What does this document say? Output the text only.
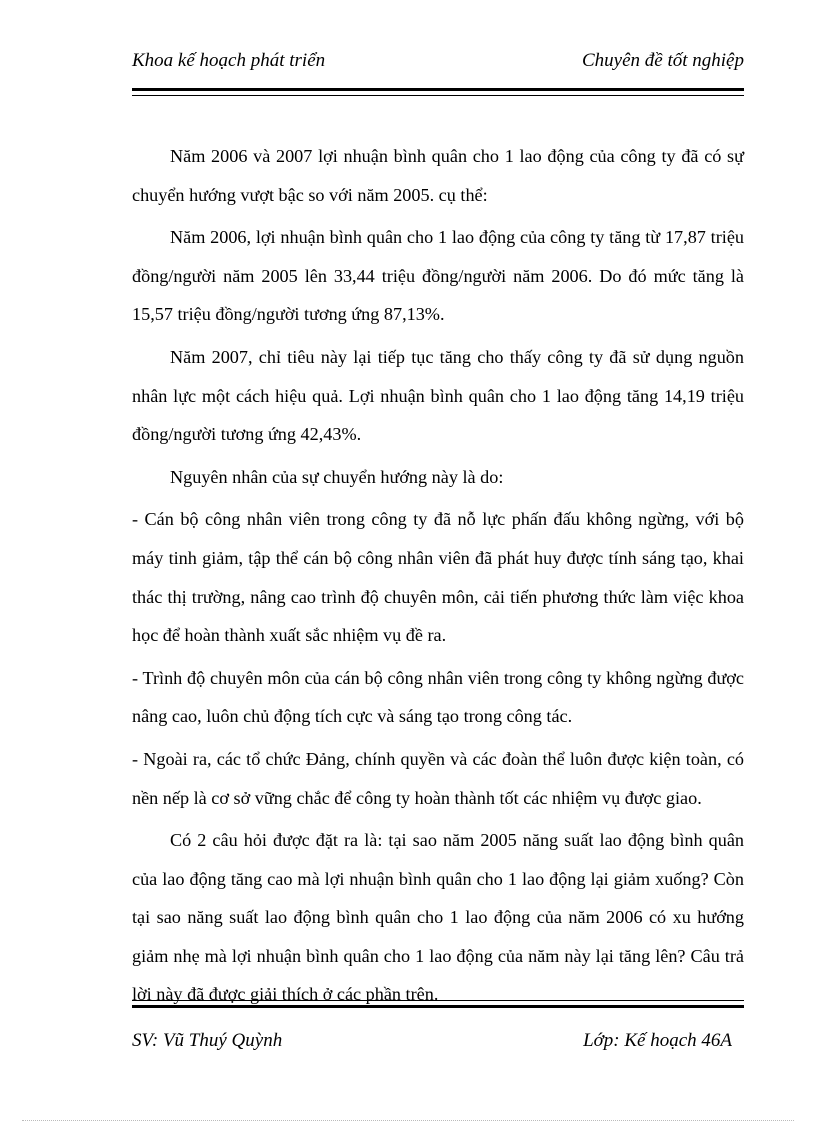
Khoa kế hoạch phát triển	Chuyên đề tốt nghiệp

Năm 2006 và 2007 lợi nhuận bình quân cho 1 lao động của công ty đã có sự chuyển hướng vượt bậc so với năm 2005. cụ thể:

Năm 2006, lợi nhuận bình quân cho 1 lao động của công ty tăng từ 17,87 triệu đồng/người năm 2005 lên 33,44 triệu đồng/người năm 2006. Do đó mức tăng là 15,57 triệu đồng/người tương ứng 87,13%.

Năm 2007, chỉ tiêu này lại tiếp tục tăng cho thấy công ty đã sử dụng nguồn nhân lực một cách hiệu quả. Lợi nhuận bình quân cho 1 lao động tăng 14,19 triệu đồng/người tương ứng 42,43%.

Nguyên nhân của sự chuyển hướng này là do:

- Cán bộ công nhân viên trong công ty đã nỗ lực phấn đấu không ngừng, với bộ máy tinh giảm, tập thể cán bộ công nhân viên đã phát huy được tính sáng tạo, khai thác thị trường, nâng cao trình độ chuyên môn, cải tiến phương thức làm việc khoa học để hoàn thành xuất sắc nhiệm vụ đề ra.

- Trình độ chuyên môn của cán bộ công nhân viên trong công ty không ngừng được nâng cao, luôn chủ động tích cực và sáng tạo trong công tác.

- Ngoài ra, các tổ chức Đảng, chính quyền và các đoàn thể luôn được kiện toàn, có nền nếp là cơ sở vững chắc để công ty hoàn thành tốt các nhiệm vụ được giao.

Có 2 câu hỏi được đặt ra là: tại sao năm 2005 năng suất lao động bình quân của lao động tăng cao mà lợi nhuận bình quân cho 1 lao động lại giảm xuống? Còn tại sao năng suất lao động bình quân cho 1 lao động của năm 2006 có xu hướng giảm nhẹ mà lợi nhuận bình quân cho 1 lao động của năm này lại tăng lên? Câu trả lời này đã được giải thích ở các phần trên.

SV: Vũ Thuý Quỳnh	Lớp: Kế hoạch 46A
